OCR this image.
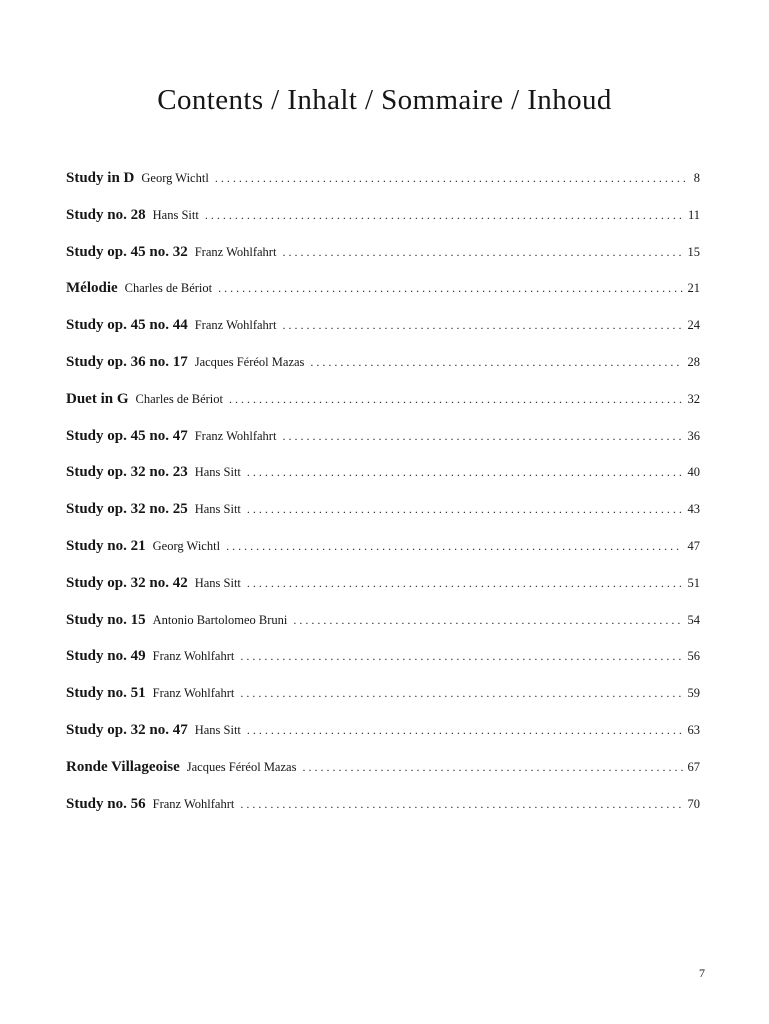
Contents / Inhalt / Sommaire / Inhoud
Study in D Georg Wichtl . . .	8
Study no. 28 Hans Sitt . . .	11
Study op. 45 no. 32 Franz Wohlfahrt . . .	15
Mélodie Charles de Bériot . . .	21
Study op. 45 no. 44 Franz Wohlfahrt . . .	24
Study op. 36 no. 17 Jacques Féréol Mazas . . .	28
Duet in G Charles de Bériot . . .	32
Study op. 45 no. 47 Franz Wohlfahrt . . .	36
Study op. 32 no. 23 Hans Sitt . . .	40
Study op. 32 no. 25 Hans Sitt . . .	43
Study no. 21 Georg Wichtl . . .	47
Study op. 32 no. 42 Hans Sitt . . .	51
Study no. 15 Antonio Bartolomeo Bruni . . .	54
Study no. 49 Franz Wohlfahrt . . .	56
Study no. 51 Franz Wohlfahrt . . .	59
Study op. 32 no. 47 Hans Sitt . . .	63
Ronde Villageoise Jacques Féréol Mazas . . .	67
Study no. 56 Franz Wohlfahrt . . .	70
7
